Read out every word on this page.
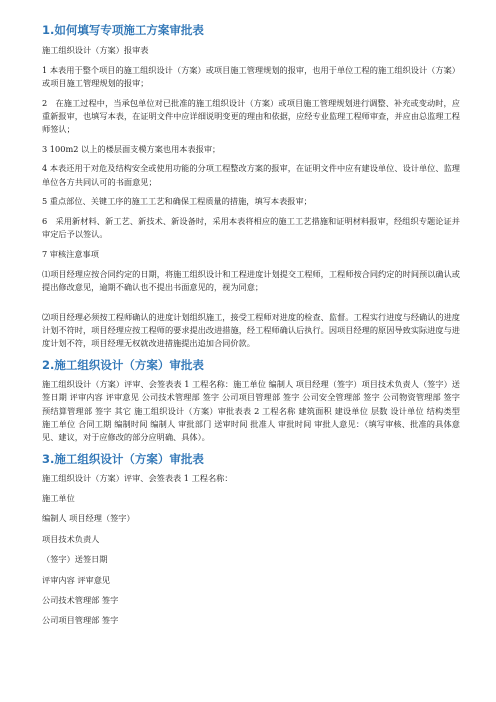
1.如何填写专项施工方案审批表

施工组织设计（方案）报审表

1 本表用于整个项目的施工组织设计（方案）或项目施工管理规划的报审，也用于单位工程的施工组织设计（方案）或项目施工管理规划的报审；

2　在施工过程中，当承包单位对已批准的施工组织设计（方案）或项目施工管理规划进行调整、补充或变动时，应重新报审，也填写本表，在证明文件中应详细说明变更的理由和依据，应经专业监理工程师审查，并应由总监理工程师签认；

3 100m2 以上的楼层面支模方案也用本表报审；

4 本表还用于对危及结构安全或使用功能的分项工程整改方案的报审，在证明文件中应有建设单位、设计单位、监理单位各方共同认可的书面意见；

5 重点部位、关键工序的施工工艺和确保工程质量的措施，填写本表报审；

6　采用新材料、新工艺、新技术、新设备时，采用本表将相应的施工工艺措施和证明材料报审，经组织专题论证并审定后予以签认。

7 审核注意事项

⑴项目经理应按合同约定的日期，将施工组织设计和工程进度计划提交工程师，工程师按合同约定的时间预以确认或提出修改意见，逾期不确认也不提出书面意见的，视为同意；

⑵项目经理必须按工程师确认的进度计划组织施工，接受工程师对进度的检查、监督。工程实行进度与经确认的进度计划不符时，项目经理应按工程师的要求提出改进措施，经工程师确认后执行。因项目经理的原因导致实际进度与进度计划不符，项目经理无权就改进措施提出追加合同价款。

2.施工组织设计（方案）审批表

施工组织设计（方案）评审、会签表表 1 工程名称：施工单位 编制人 项目经理（签字）项目技术负责人（签字）送签日期 评审内容 评审意见 公司技术管理部 签字 公司项目管理部 签字 公司安全管理部 签字 公司物资管理部 签字 预结算管理部 签字 其它 施工组织设计（方案）审批表表 2 工程名称 建筑面积 建设单位 层数 设计单位 结构类型 施工单位 合同工期 编制时间 编制人 审批部门 送审时间 批准人 审批时间 审批人意见：（填写审核、批准的具体意见、建议，对于应修改的部分应明确、具体）。

3.施工组织设计（方案）审批表

施工组织设计（方案）评审、会签表表 1 工程名称：

施工单位

编制人 项目经理（签字）

项目技术负责人

（签字）送签日期

评审内容 评审意见

公司技术管理部 签字

公司项目管理部 签字
